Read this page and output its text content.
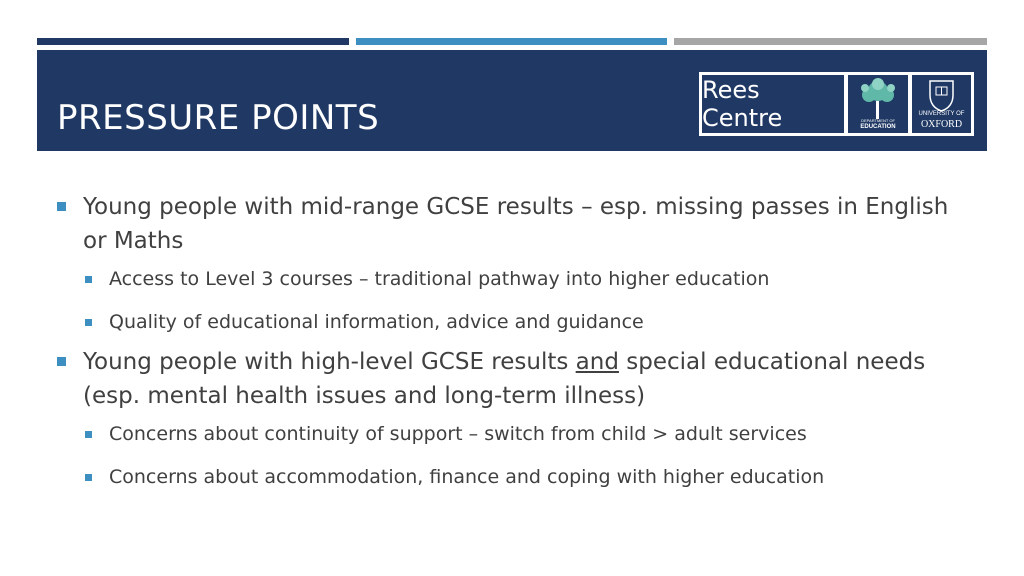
PRESSURE POINTS
Rees Centre	DEPARTMENT OF
EDUCATION
UNIVERSITY OF
OXFORD
Young people with mid-range GCSE results – esp. missing passes in English or Maths
Access to Level 3 courses – traditional pathway into higher education
Quality of educational information, advice and guidance
Young people with high-level GCSE results and special educational needs (esp. mental health issues and long-term illness)
Concerns about continuity of support – switch from child > adult services
Concerns about accommodation, finance and coping with higher education
